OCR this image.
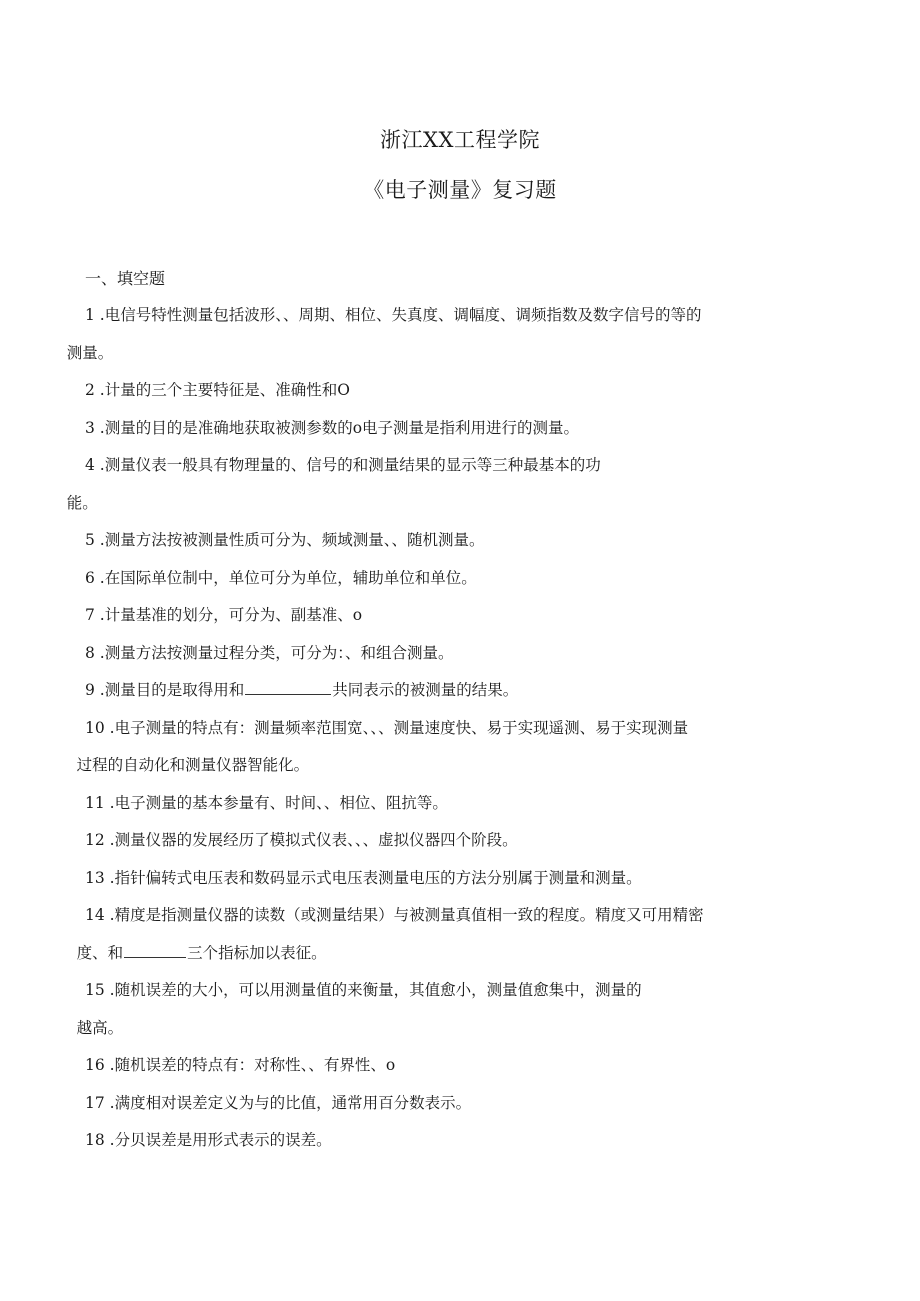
浙江XX工程学院
《电子测量》复习题
一、填空题
1 .电信号特性测量包括波形、、周期、相位、失真度、调幅度、调频指数及数字信号的等的
测量。
2 .计量的三个主要特征是、准确性和O
3 .测量的目的是准确地获取被测参数的o电子测量是指利用进行的测量。
4 .测量仪表一般具有物理量的、信号的和测量结果的显示等三种最基本的功
能。
5 .测量方法按被测量性质可分为、频域测量、、随机测量。
6 .在国际单位制中，单位可分为单位，辅助单位和单位。
7 .计量基准的划分，可分为、副基准、o
8 .测量方法按测量过程分类，可分为：、和组合测量。
9 .测量目的是取得用和	共同表示的被测量的结果。
10 .电子测量的特点有：测量频率范围宽、、、测量速度快、易于实现遥测、易于实现测量
过程的自动化和测量仪器智能化。
11 .电子测量的基本参量有、时间、、相位、阻抗等。
12 .测量仪器的发展经历了模拟式仪表、、、虚拟仪器四个阶段。
13 .指针偏转式电压表和数码显示式电压表测量电压的方法分别属于测量和测量。
14 .精度是指测量仪器的读数（或测量结果）与被测量真值相一致的程度。精度又可用精密
度、和	三个指标加以表征。
15 .随机误差的大小，可以用测量值的来衡量，其值愈小，测量值愈集中，测量的
越高。
16 .随机误差的特点有：对称性、、有界性、o
17 .满度相对误差定义为与的比值，通常用百分数表示。
18 .分贝误差是用形式表示的误差。
